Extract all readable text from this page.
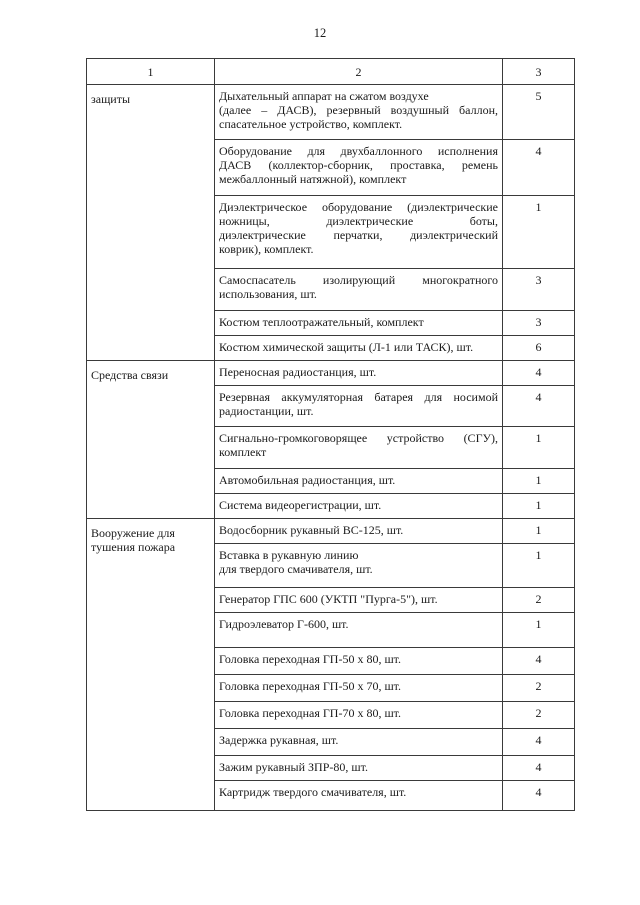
12
1	2	3
защиты	Дыхательный аппарат на сжатом воздухе
(далее – ДАСВ), резервный воздушный баллон,
спасательное устройство, комплект.	5

	Оборудование для двухбаллонного исполнения
ДАСВ (коллектор-сборник, проставка, ремень
межбаллонный натяжной), комплект	4

	Диэлектрическое оборудование (диэлектрические
ножницы, диэлектрические боты,
диэлектрические перчатки, диэлектрический
коврик), комплект.	1

	Самоспасатель изолирующий многократного
использования, шт.	3

	Костюм теплоотражательный, комплект	3

	Костюм химической защиты (Л-1 или ТАСК), шт.	6
Средства связи	Переносная радиостанция, шт.	4

	Резервная аккумуляторная батарея для носимой
радиостанции, шт.	4

	Сигнально-громкоговорящее устройство (СГУ),
комплект	1

	Автомобильная радиостанция, шт.	1

	Система видеорегистрации, шт.	1
Вооружение для тушения пожара	Водосборник рукавный ВС-125, шт.	1

	Вставка в рукавную линию
для твердого смачивателя, шт.	1

	Генератор ГПС 600 (УКТП "Пурга-5"), шт.	2

	Гидроэлеватор Г-600, шт.	1

	Головка переходная ГП-50 х 80, шт.	4

	Головка переходная ГП-50 х 70, шт.	2

	Головка переходная ГП-70 х 80, шт.	2

	Задержка рукавная, шт.	4

	Зажим рукавный ЗПР-80, шт.	4

	Картридж твердого смачивателя, шт.	4
